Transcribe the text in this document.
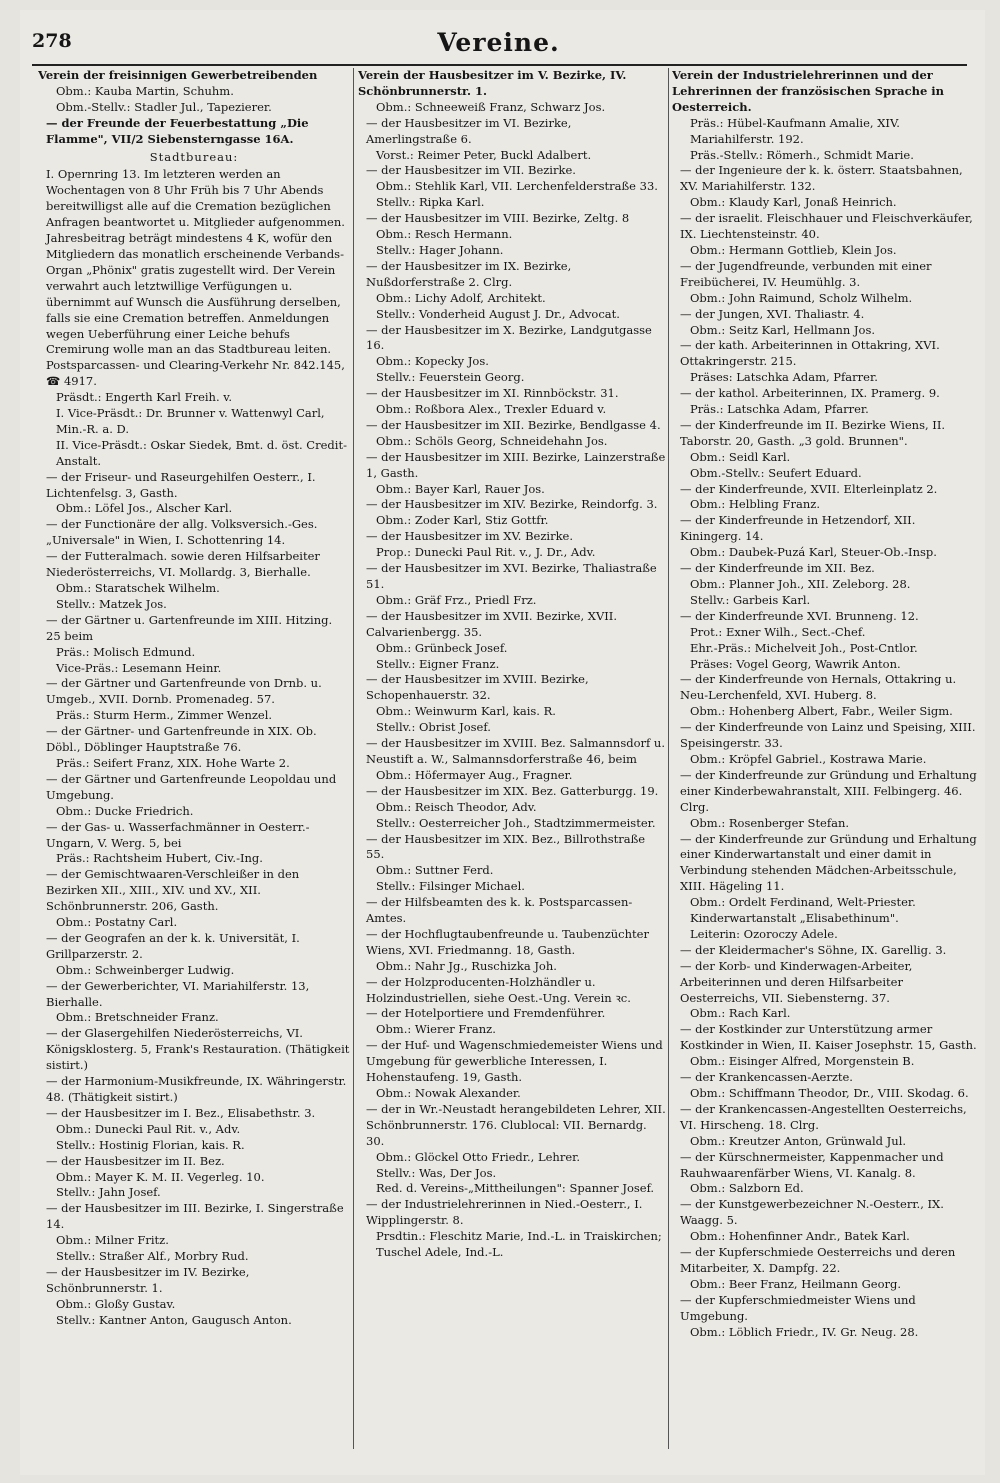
278	Vereine.
Verein der freisinnigen Gewerbetreibenden
Obm.: Kauba Martin, Schuhm.
Obm.-Stellv.: Stadler Jul., Tapezierer.
— der Freunde der Feuerbestattung „Die Flamme", VII/2 Siebensterngasse 16A.
Stadtbureau:
I. Opernring 13. Im letzteren werden an Wochentagen von 8 Uhr Früh bis 7 Uhr Abends bereitwilligst alle auf die Cremation bezüglichen Anfragen beantwortet u. Mitglieder aufgenommen. Jahresbeitrag beträgt mindestens 4 K, wofür den Mitgliedern das monatlich erscheinende Verbands-Organ „Phönix" gratis zugestellt wird. Der Verein verwahrt auch letztwillige Verfügungen u. übernimmt auf Wunsch die Ausführung derselben, falls sie eine Cremation betreffen. Anmeldungen wegen Ueberführung einer Leiche behufs Cremirung wolle man an das Stadtbureau leiten. Postsparcassen- und Clearing-Verkehr Nr. 842.145, ☎ 4917.
Präsdt.: Engerth Karl Freih. v.
I. Vice-Präsdt.: Dr. Brunner v. Wattenwyl Carl, Min.-R. a. D.
II. Vice-Präsdt.: Oskar Siedek, Bmt. d. öst. Credit-Anstalt.
— der Friseur- und Raseurgehilfen Oesterr., I. Lichtenfelsg. 3, Gasth.
Obm.: Löfel Jos., Alscher Karl.
— der Functionäre der allg. Volksversich.-Ges. „Universale" in Wien, I. Schottenring 14.
— der Futteralmach. sowie deren Hilfsarbeiter Niederösterreichs, VI. Mollardg. 3, Bierhalle.
Obm.: Staratschek Wilhelm.
Stellv.: Matzek Jos.
— der Gärtner u. Gartenfreunde im XIII. Hitzing. 25 beim
Präs.: Molisch Edmund.
Vice-Präs.: Lesemann Heinr.
— der Gärtner und Gartenfreunde von Drnb. u. Umgeb., XVII. Dornb. Promenadeg. 57.
Präs.: Sturm Herm., Zimmer Wenzel.
— der Gärtner- und Gartenfreunde in XIX. Ob. Döbl., Döblinger Hauptstraße 76.
Präs.: Seifert Franz, XIX. Hohe Warte 2.
— der Gärtner und Gartenfreunde Leopoldau und Umgebung.
Obm.: Ducke Friedrich.
— der Gas- u. Wasserfachmänner in Oesterr.-Ungarn, V. Werg. 5, bei
Präs.: Rachtsheim Hubert, Civ.-Ing.
— der Gemischtwaaren-Verschleißer in den Bezirken XII., XIII., XIV. und XV., XII. Schönbrunnerstr. 206, Gasth.
Obm.: Postatny Carl.
— der Geografen an der k. k. Universität, I. Grillparzerstr. 2.
Obm.: Schweinberger Ludwig.
— der Gewerberichter, VI. Mariahilferstr. 13, Bierhalle.
Obm.: Bretschneider Franz.
— der Glasergehilfen Niederösterreichs, VI. Königsklosterg. 5, Frank's Restauration. (Thätigkeit sistirt.)
— der Harmonium-Musikfreunde, IX. Währingerstr. 48. (Thätigkeit sistirt.)
— der Hausbesitzer im I. Bez., Elisabethstr. 3.
Obm.: Dunecki Paul Rit. v., Adv.
Stellv.: Hostinig Florian, kais. R.
— der Hausbesitzer im II. Bez.
Obm.: Mayer K. M. II. Vegerleg. 10.
Stellv.: Jahn Josef.
— der Hausbesitzer im III. Bezirke, I. Singerstraße 14.
Obm.: Milner Fritz.
Stellv.: Straßer Alf., Morbry Rud.
— der Hausbesitzer im IV. Bezirke, Schönbrunnerstr. 1.
Obm.: Gloßy Gustav.
Stellv.: Kantner Anton, Gaugusch Anton.
Verein der Hausbesitzer im V. Bezirke, IV. Schönbrunnerstr. 1.
Obm.: Schneeweiß Franz, Schwarz Jos.
— der Hausbesitzer im VI. Bezirke, Amerlingstraße 6.
Vorst.: Reimer Peter, Buckl Adalbert.
— der Hausbesitzer im VII. Bezirke.
Obm.: Stehlik Karl, VII. Lerchenfelderstraße 33.
Stellv.: Ripka Karl.
— der Hausbesitzer im VIII. Bezirke, Zeltg. 8
Obm.: Resch Hermann.
Stellv.: Hager Johann.
— der Hausbesitzer im IX. Bezirke, Nußdorferstraße 2. Clrg.
Obm.: Lichy Adolf, Architekt.
Stellv.: Vonderheid August J. Dr., Advocat.
— der Hausbesitzer im X. Bezirke, Landgutgasse 16.
Obm.: Kopecky Jos.
Stellv.: Feuerstein Georg.
— der Hausbesitzer im XI. Rinnböckstr. 31.
Obm.: Roßbora Alex., Trexler Eduard v.
— der Hausbesitzer im XII. Bezirke, Bendlgasse 4.
Obm.: Schöls Georg, Schneidehahn Jos.
— der Hausbesitzer im XIII. Bezirke, Lainzerstraße 1, Gasth.
Obm.: Bayer Karl, Rauer Jos.
— der Hausbesitzer im XIV. Bezirke, Reindorfg. 3.
Obm.: Zoder Karl, Stiz Gottfr.
— der Hausbesitzer im XV. Bezirke.
Prop.: Dunecki Paul Rit. v., J. Dr., Adv.
— der Hausbesitzer im XVI. Bezirke, Thaliastraße 51.
Obm.: Gräf Frz., Priedl Frz.
— der Hausbesitzer im XVII. Bezirke, XVII. Calvarienbergg. 35.
Obm.: Grünbeck Josef.
Stellv.: Eigner Franz.
— der Hausbesitzer im XVIII. Bezirke, Schopenhauerstr. 32.
Obm.: Weinwurm Karl, kais. R.
Stellv.: Obrist Josef.
— der Hausbesitzer im XVIII. Bez. Salmannsdorf u. Neustift a. W., Salmannsdorferstraße 46, beim
Obm.: Höfermayer Aug., Fragner.
— der Hausbesitzer im XIX. Bez. Gatterburgg. 19.
Obm.: Reisch Theodor, Adv.
Stellv.: Oesterreicher Joh., Stadtzimmermeister.
— der Hausbesitzer im XIX. Bez., Billrothstraße 55.
Obm.: Suttner Ferd.
Stellv.: Filsinger Michael.
— der Hilfsbeamten des k. k. Postsparcassen-Amtes.
— der Hochflugtaubenfreunde u. Taubenzüchter Wiens, XVI. Friedmanng. 18, Gasth.
Obm.: Nahr Jg., Ruschizka Joh.
— der Holzproducenten-Holzhändler u. Holzindustriellen, siehe Oest.-Ung. Verein ꝛc.
— der Hotelportiere und Fremdenführer.
Obm.: Wierer Franz.
— der Huf- und Wagenschmiedemeister Wiens und Umgebung für gewerbliche Interessen, I. Hohenstaufeng. 19, Gasth.
Obm.: Nowak Alexander.
— der in Wr.-Neustadt herangebildeten Lehrer, XII. Schönbrunnerstr. 176. Clublocal: VII. Bernardg. 30.
Obm.: Glöckel Otto Friedr., Lehrer.
Stellv.: Was, Der Jos.
Red. d. Vereins-„Mittheilungen": Spanner Josef.
— der Industrielehrerinnen in Nied.-Oesterr., I. Wipplingerstr. 8.
Prsdtin.: Fleschitz Marie, Ind.-L. in Traiskirchen; Tuschel Adele, Ind.-L.
Verein der Industrielehrerinnen und der Lehrerinnen der französischen Sprache in Oesterreich.
Präs.: Hübel-Kaufmann Amalie, XIV. Mariahilferstr. 192.
Präs.-Stellv.: Römerh., Schmidt Marie.
— der Ingenieure der k. k. österr. Staatsbahnen, XV. Mariahilferstr. 132.
Obm.: Klaudy Karl, Jonaß Heinrich.
— der israelit. Fleischhauer und Fleischverkäufer, IX. Liechtensteinstr. 40.
Obm.: Hermann Gottlieb, Klein Jos.
— der Jugendfreunde, verbunden mit einer Freibücherei, IV. Heumühlg. 3.
Obm.: John Raimund, Scholz Wilhelm.
— der Jungen, XVI. Thaliastr. 4.
Obm.: Seitz Karl, Hellmann Jos.
— der kath. Arbeiterinnen in Ottakring, XVI. Ottakringerstr. 215.
Präses: Latschka Adam, Pfarrer.
— der kathol. Arbeiterinnen, IX. Pramerg. 9.
Präs.: Latschka Adam, Pfarrer.
— der Kinderfreunde im II. Bezirke Wiens, II. Taborstr. 20, Gasth. „3 gold. Brunnen".
Obm.: Seidl Karl.
Obm.-Stellv.: Seufert Eduard.
— der Kinderfreunde, XVII. Elterleinplatz 2.
Obm.: Helbling Franz.
— der Kinderfreunde in Hetzendorf, XII. Kiningerg. 14.
Obm.: Daubek-Puzá Karl, Steuer-Ob.-Insp.
— der Kinderfreunde im XII. Bez.
Obm.: Planner Joh., XII. Zeleborg. 28.
Stellv.: Garbeis Karl.
— der Kinderfreunde XVI. Brunneng. 12.
Prot.: Exner Wilh., Sect.-Chef.
Ehr.-Präs.: Michelveit Joh., Post-Cntlor.
Präses: Vogel Georg, Wawrik Anton.
— der Kinderfreunde von Hernals, Ottakring u. Neu-Lerchenfeld, XVI. Huberg. 8.
Obm.: Hohenberg Albert, Fabr., Weiler Sigm.
— der Kinderfreunde von Lainz und Speising, XIII. Speisingerstr. 33.
Obm.: Kröpfel Gabriel., Kostrawa Marie.
— der Kinderfreunde zur Gründung und Erhaltung einer Kinderbewahranstalt, XIII. Felbingerg. 46. Clrg.
Obm.: Rosenberger Stefan.
— der Kinderfreunde zur Gründung und Erhaltung einer Kinderwartanstalt und einer damit in Verbindung stehenden Mädchen-Arbeitsschule, XIII. Hägeling 11.
Obm.: Ordelt Ferdinand, Welt-Priester.
Kinderwartanstalt „Elisabethinum".
Leiterin: Ozoroczy Adele.
— der Kleidermacher's Söhne, IX. Garellig. 3.
— der Korb- und Kinderwagen-Arbeiter, Arbeiterinnen und deren Hilfsarbeiter Oesterreichs, VII. Siebensterng. 37.
Obm.: Rach Karl.
— der Kostkinder zur Unterstützung armer Kostkinder in Wien, II. Kaiser Josephstr. 15, Gasth.
Obm.: Eisinger Alfred, Morgenstein B.
— der Krankencassen-Aerzte.
Obm.: Schiffmann Theodor, Dr., VIII. Skodag. 6.
— der Krankencassen-Angestellten Oesterreichs, VI. Hirscheng. 18. Clrg.
Obm.: Kreutzer Anton, Grünwald Jul.
— der Kürschnermeister, Kappenmacher und Rauhwaarenfärber Wiens, VI. Kanalg. 8.
Obm.: Salzborn Ed.
— der Kunstgewerbezeichner N.-Oesterr., IX. Waagg. 5.
Obm.: Hohenfinner Andr., Batek Karl.
— der Kupferschmiede Oesterreichs und deren Mitarbeiter, X. Dampfg. 22.
Obm.: Beer Franz, Heilmann Georg.
— der Kupferschmiedmeister Wiens und Umgebung.
Obm.: Löblich Friedr., IV. Gr. Neug. 28.
